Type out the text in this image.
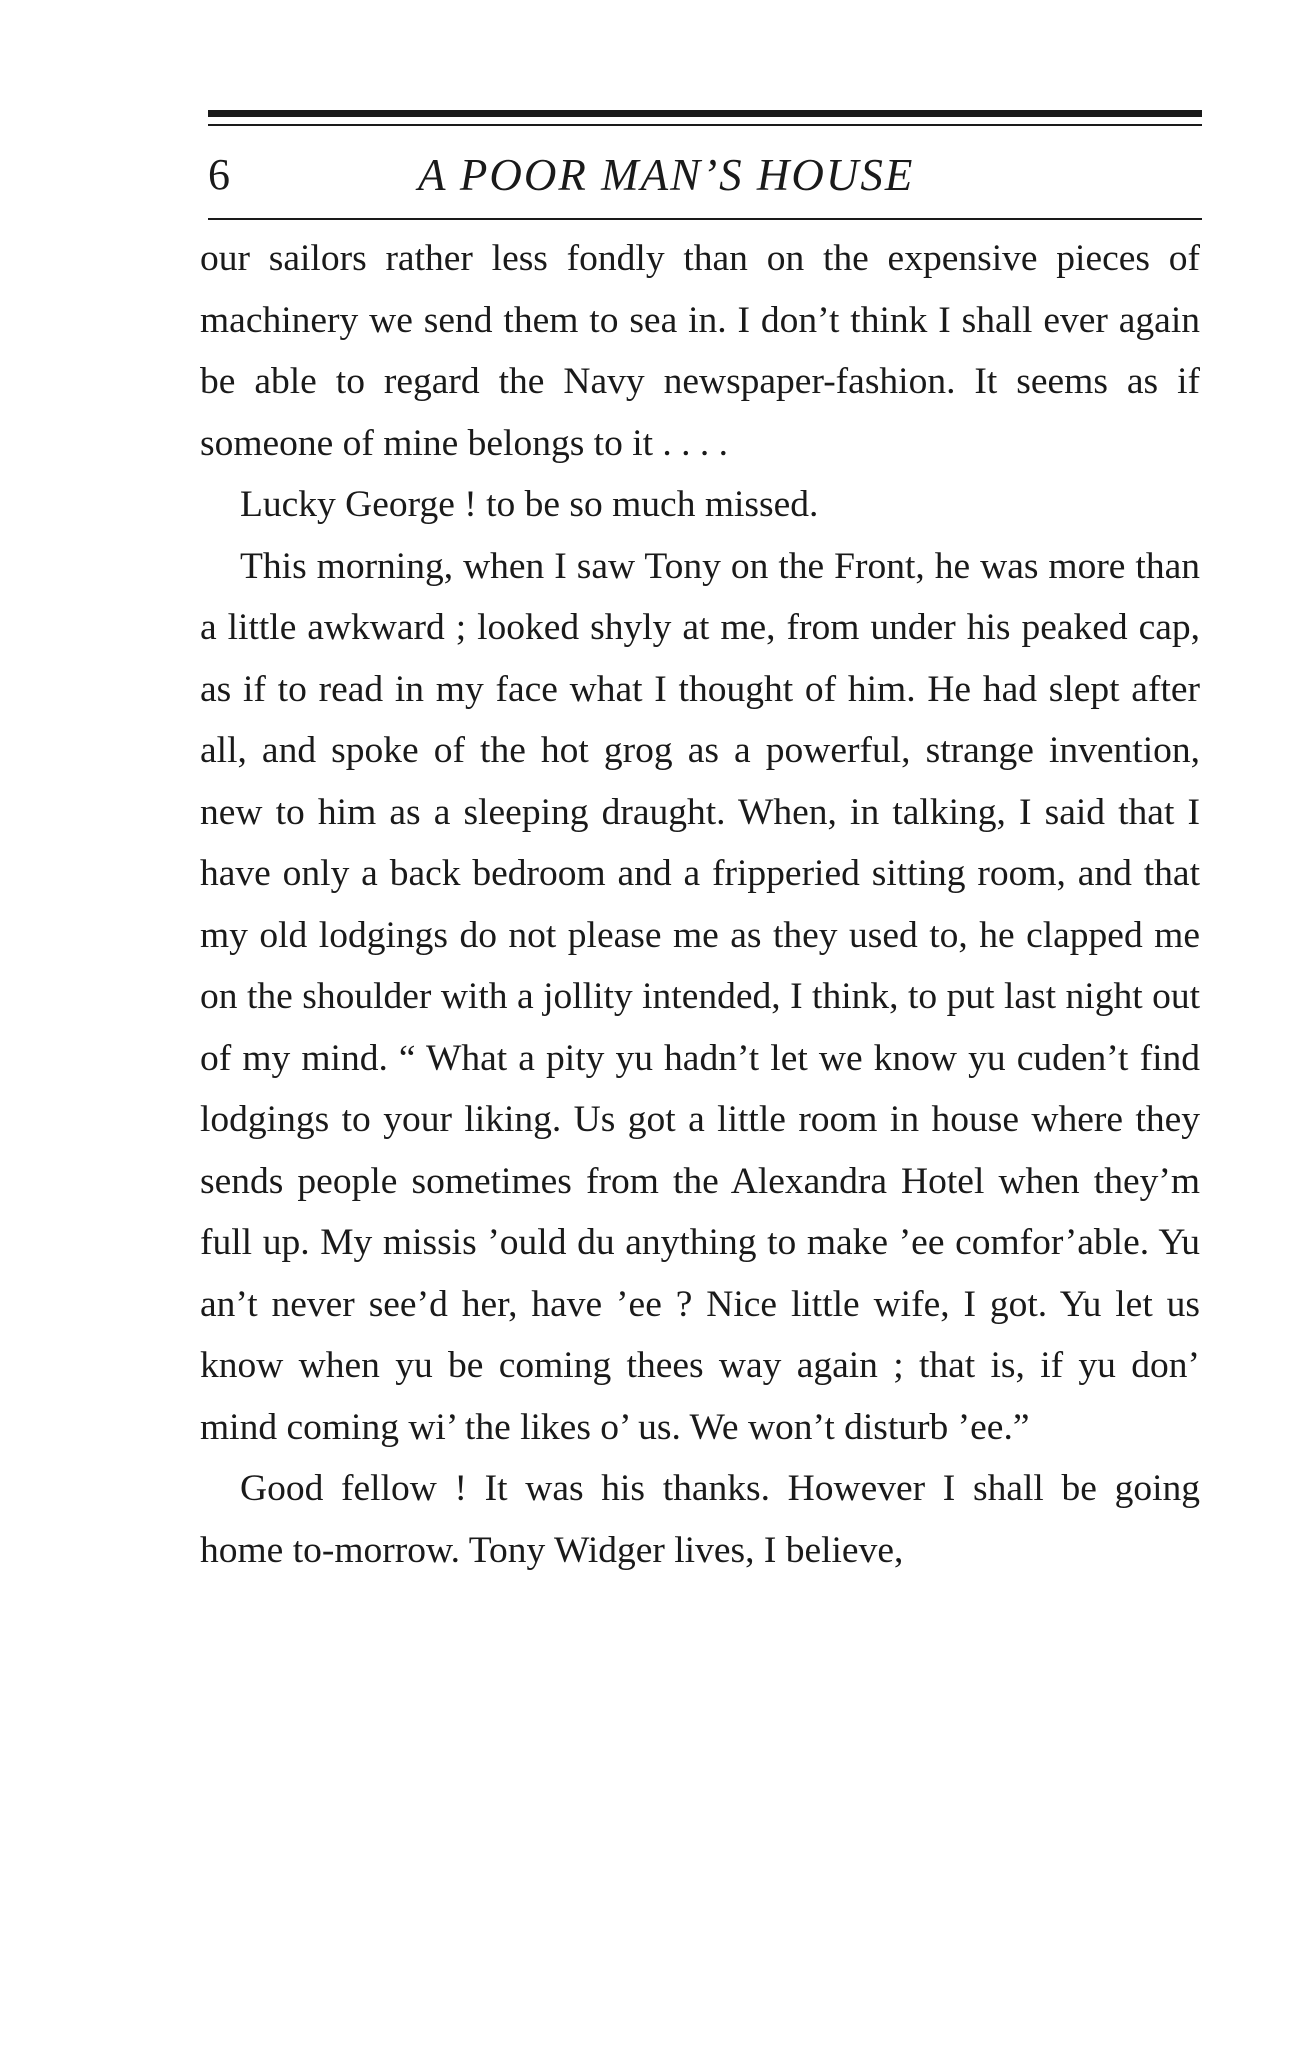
6	A POOR MAN’S HOUSE

our sailors rather less fondly than on the expensive pieces of machinery we send them to sea in. I don’t think I shall ever again be able to regard the Navy newspaper-fashion. It seems as if someone of mine belongs to it . . . .

Lucky George ! to be so much missed.

This morning, when I saw Tony on the Front, he was more than a little awkward ; looked shyly at me, from under his peaked cap, as if to read in my face what I thought of him. He had slept after all, and spoke of the hot grog as a powerful, strange invention, new to him as a sleeping draught. When, in talking, I said that I have only a back bedroom and a fripperied sitting room, and that my old lodgings do not please me as they used to, he clapped me on the shoulder with a jollity intended, I think, to put last night out of my mind. “ What a pity yu hadn’t let we know yu cuden’t find lodgings to your liking. Us got a little room in house where they sends people sometimes from the Alexandra Hotel when they’m full up. My missis ’ould du anything to make ’ee comfor’able. Yu an’t never see’d her, have ’ee ? Nice little wife, I got. Yu let us know when yu be coming thees way again ; that is, if yu don’ mind coming wi’ the likes o’ us. We won’t disturb ’ee.”

Good fellow ! It was his thanks. However I shall be going home to-morrow. Tony Widger lives, I believe,
